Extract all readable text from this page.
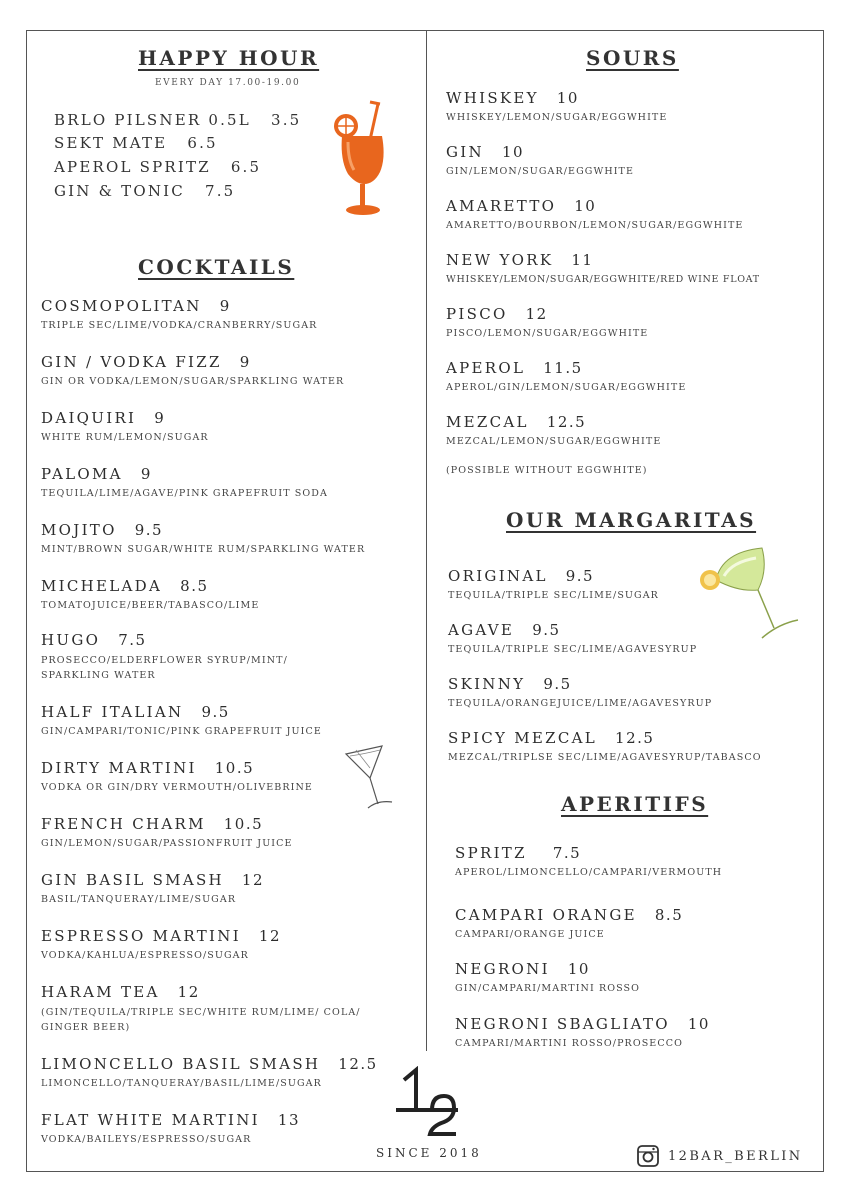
HAPPY HOUR
EVERY DAY 17.00-19.00
BRLO PILSNER 0.5L 3.5
SEKT MATE 6.5
APEROL SPRITZ 6.5
GIN & TONIC 7.5
COCKTAILS
COSMOPOLITAN 9
TRIPLE SEC/LIME/VODKA/CRANBERRY/SUGAR
GIN / VODKA FIZZ 9
GIN OR VODKA/LEMON/SUGAR/SPARKLING WATER
DAIQUIRI 9
WHITE RUM/LEMON/SUGAR
PALOMA 9
TEQUILA/LIME/AGAVE/PINK GRAPEFRUIT SODA
MOJITO 9.5
MINT/BROWN SUGAR/WHITE RUM/SPARKLING WATER
MICHELADA 8.5
TOMATOJUICE/BEER/TABASCO/LIME
HUGO 7.5
PROSECCO/ELDERFLOWER SYRUP/MINT/
SPARKLING WATER
HALF ITALIAN 9.5
GIN/CAMPARI/TONIC/PINK GRAPEFRUIT JUICE
DIRTY MARTINI 10.5
VODKA OR GIN/DRY VERMOUTH/OLIVEBRINE
FRENCH CHARM 10.5
GIN/LEMON/SUGAR/PASSIONFRUIT JUICE
GIN BASIL SMASH 12
BASIL/TANQUERAY/LIME/SUGAR
ESPRESSO MARTINI 12
VODKA/KAHLUA/ESPRESSO/SUGAR
HARAM TEA 12
(GIN/TEQUILA/TRIPLE SEC/WHITE RUM/LIME/ COLA/
GINGER BEER)
LIMONCELLO BASIL SMASH 12.5
LIMONCELLO/TANQUERAY/BASIL/LIME/SUGAR
FLAT WHITE MARTINI 13
VODKA/BAILEYS/ESPRESSO/SUGAR
SOURS
WHISKEY 10
WHISKEY/LEMON/SUGAR/EGGWHITE
GIN 10
GIN/LEMON/SUGAR/EGGWHITE
AMARETTO 10
AMARETTO/BOURBON/LEMON/SUGAR/EGGWHITE
NEW YORK 11
WHISKEY/LEMON/SUGAR/EGGWHITE/RED WINE FLOAT
PISCO 12
PISCO/LEMON/SUGAR/EGGWHITE
APEROL 11.5
APEROL/GIN/LEMON/SUGAR/EGGWHITE
MEZCAL 12.5
MEZCAL/LEMON/SUGAR/EGGWHITE
(POSSIBLE WITHOUT EGGWHITE)
OUR MARGARITAS
ORIGINAL 9.5
TEQUILA/TRIPLE SEC/LIME/SUGAR
AGAVE 9.5
TEQUILA/TRIPLE SEC/LIME/AGAVESYRUP
SKINNY 9.5
TEQUILA/ORANGEJUICE/LIME/AGAVESYRUP
SPICY MEZCAL 12.5
MEZCAL/TRIPLSE SEC/LIME/AGAVESYRUP/TABASCO
APERITIFS
SPRITZ 7.5
APEROL/LIMONCELLO/CAMPARI/VERMOUTH
CAMPARI ORANGE 8.5
CAMPARI/ORANGE JUICE
NEGRONI 10
GIN/CAMPARI/MARTINI ROSSO
NEGRONI SBAGLIATO 10
CAMPARI/MARTINI ROSSO/PROSECCO
SINCE 2018	12BAR_BERLIN
